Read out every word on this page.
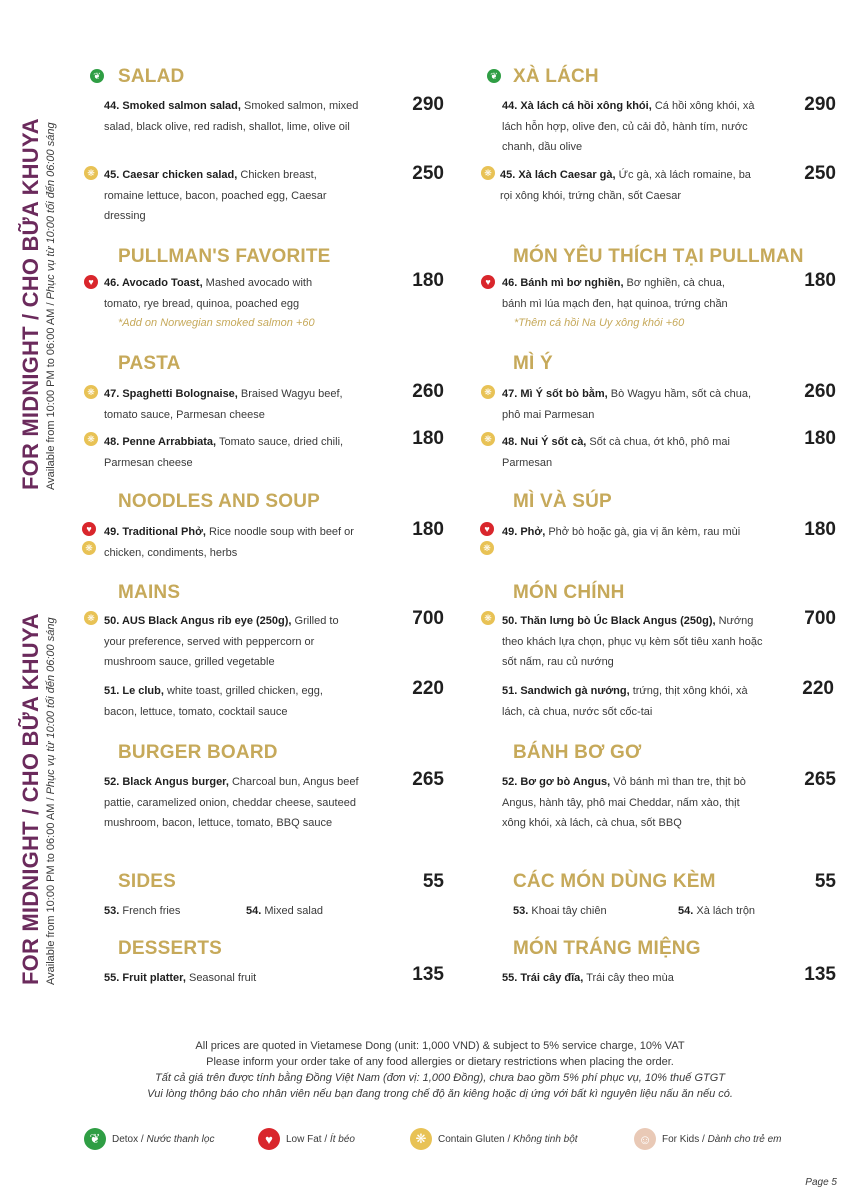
FOR MIDNIGHT / CHO BỮA KHUYA Available from 10:00 PM to 06:00 AM / Phục vụ từ 10:00 tối đến 06:00 sáng
FOR MIDNIGHT / CHO BỮA KHUYA Available from 10:00 PM to 06:00 AM / Phục vụ từ 10:00 tối đến 06:00 sáng
❦ SALAD
44. Smoked salmon salad, Smoked salmon, mixed salad, black olive, red radish, shallot, lime, olive oil
290
❋ 45. Caesar chicken salad, Chicken breast, romaine lettuce, bacon, poached egg, Caesar dressing
250
PULLMAN'S FAVORITE
♥ 46. Avocado Toast, Mashed avocado with tomato, rye bread, quinoa, poached egg
*Add on Norwegian smoked salmon +60
180
PASTA
❋ 47. Spaghetti Bolognaise, Braised Wagyu beef, tomato sauce, Parmesan cheese
260
❋ 48. Penne Arrabbiata, Tomato sauce, dried chili, Parmesan cheese
180
NOODLES AND SOUP
♥
❋
49. Traditional Phở, Rice noodle soup with beef or chicken, condiments, herbs
180
MAINS
❋ 50. AUS Black Angus rib eye (250g), Grilled to your preference, served with peppercorn or mushroom sauce, grilled vegetable
700
51. Le club, white toast, grilled chicken, egg, bacon, lettuce, tomato, cocktail sauce
220
BURGER BOARD
52. Black Angus burger, Charcoal bun, Angus beef pattie, caramelized onion, cheddar cheese, sauteed mushroom, bacon, lettuce, tomato, BBQ sauce
265
SIDES	55
53. French fries	54. Mixed salad
DESSERTS
55. Fruit platter, Seasonal fruit	135
❦ XÀ LÁCH
44. Xà lách cá hồi xông khói, Cá hồi xông khói, xà lách hỗn hợp, olive đen, củ cải đỏ, hành tím, nước chanh, dầu olive
290
❋ 45. Xà lách Caesar gà, Ức gà, xà lách romaine, ba rọi xông khói, trứng chần, sốt Caesar
250
MÓN YÊU THÍCH TẠI PULLMAN
♥	46. Bánh mì bơ nghiền, Bơ nghiền, cà chua, bánh mì lúa mạch đen, hạt quinoa, trứng chần
*Thêm cá hồi Na Uy xông khói +60
180
MÌ Ý
❋ 47. Mì Ý sốt bò bằm, Bò Wagyu hầm, sốt cà chua, phô mai Parmesan
260
❋ 48. Nui Ý sốt cà, Sốt cà chua, ớt khô, phô mai Parmesan
180
MÌ VÀ SÚP
♥
❋
49. Phở, Phở bò hoặc gà, gia vị ăn kèm, rau mùi	180
MÓN CHÍNH
❋ 50. Thăn lưng bò Úc Black Angus (250g), Nướng theo khách lựa chọn, phục vụ kèm sốt tiêu xanh hoặc sốt nấm, rau củ nướng
700
51. Sandwich gà nướng, trứng, thịt xông khói, xà lách, cà chua, nước sốt cốc-tai
220
BÁNH BƠ GƠ
52. Bơ gơ bò Angus, Vỏ bánh mì than tre, thịt bò Angus, hành tây, phô mai Cheddar, nấm xào, thịt xông khói, xà lách, cà chua, sốt BBQ
265
CÁC MÓN DÙNG KÈM	55
53. Khoai tây chiên	54. Xà lách trộn
MÓN TRÁNG MIỆNG
55. Trái cây đĩa, Trái cây theo mùa	135
All prices are quoted in Vietamese Dong (unit: 1,000 VND) & subject to 5% service charge, 10% VAT
Please inform your order take of any food allergies or dietary restrictions when placing the order.
Tất cả giá trên được tính bằng Đồng Việt Nam (đơn vị: 1,000 Đồng), chưa bao gồm 5% phí phục vụ, 10% thuế GTGT
Vui lòng thông báo cho nhân viên nếu bạn đang trong chế độ ăn kiêng hoặc dị ứng với bất kì nguyên liệu nấu ăn nếu có.
❦	Detox / Nước thanh lọc	♥	Low Fat / Ít béo	❋	Contain Gluten / Không tinh bột	☺	For Kids / Dành cho trẻ em
Page 5
